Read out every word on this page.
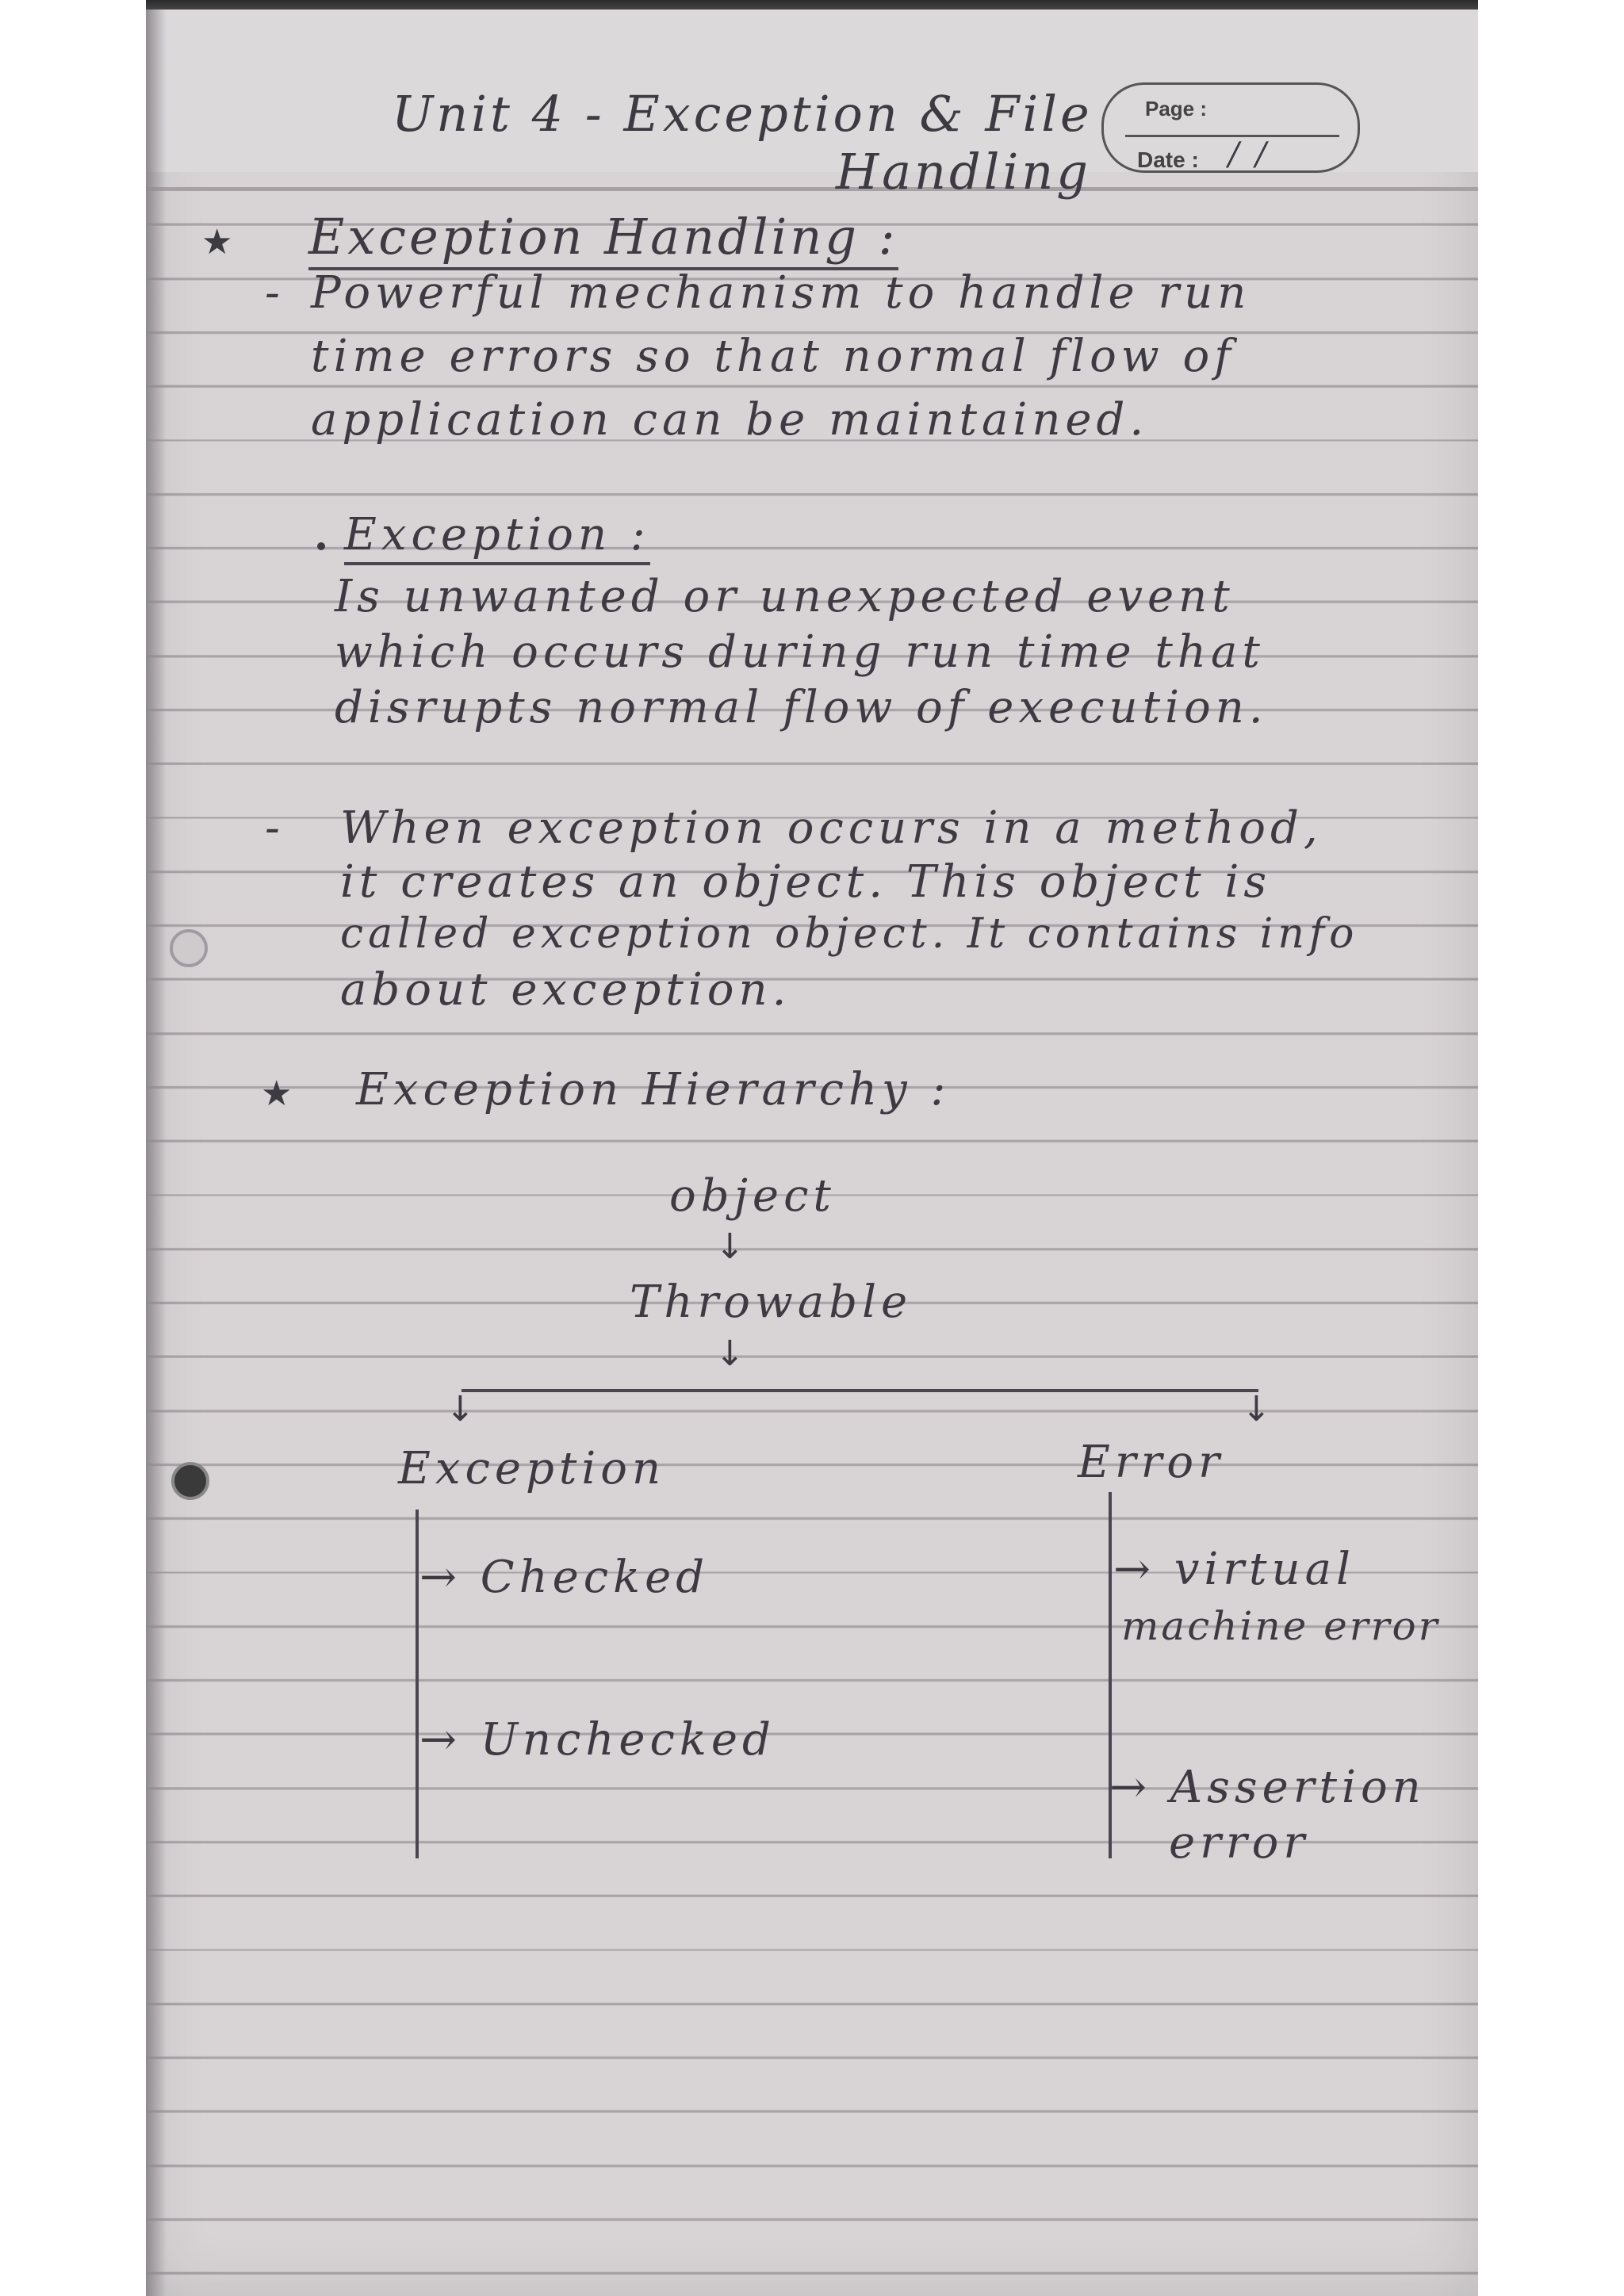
Unit 4 - Exception & File
Handling
Page :
Date : / /
★ Exception Handling :
- Powerful mechanism to handle run
time errors so that normal flow of
application can be maintained.
Exception :
Is unwanted or unexpected event
which occurs during run time that
disrupts normal flow of execution.
- When exception occurs in a method,
it creates an object. This object is
called exception object. It contains info
about exception.
★ Exception Hierarchy :
object
↓
Throwable
↓
↓	↓
Exception	Error
→ Checked
→ Unchecked
→ virtual
machine error
→ Assertion
error
